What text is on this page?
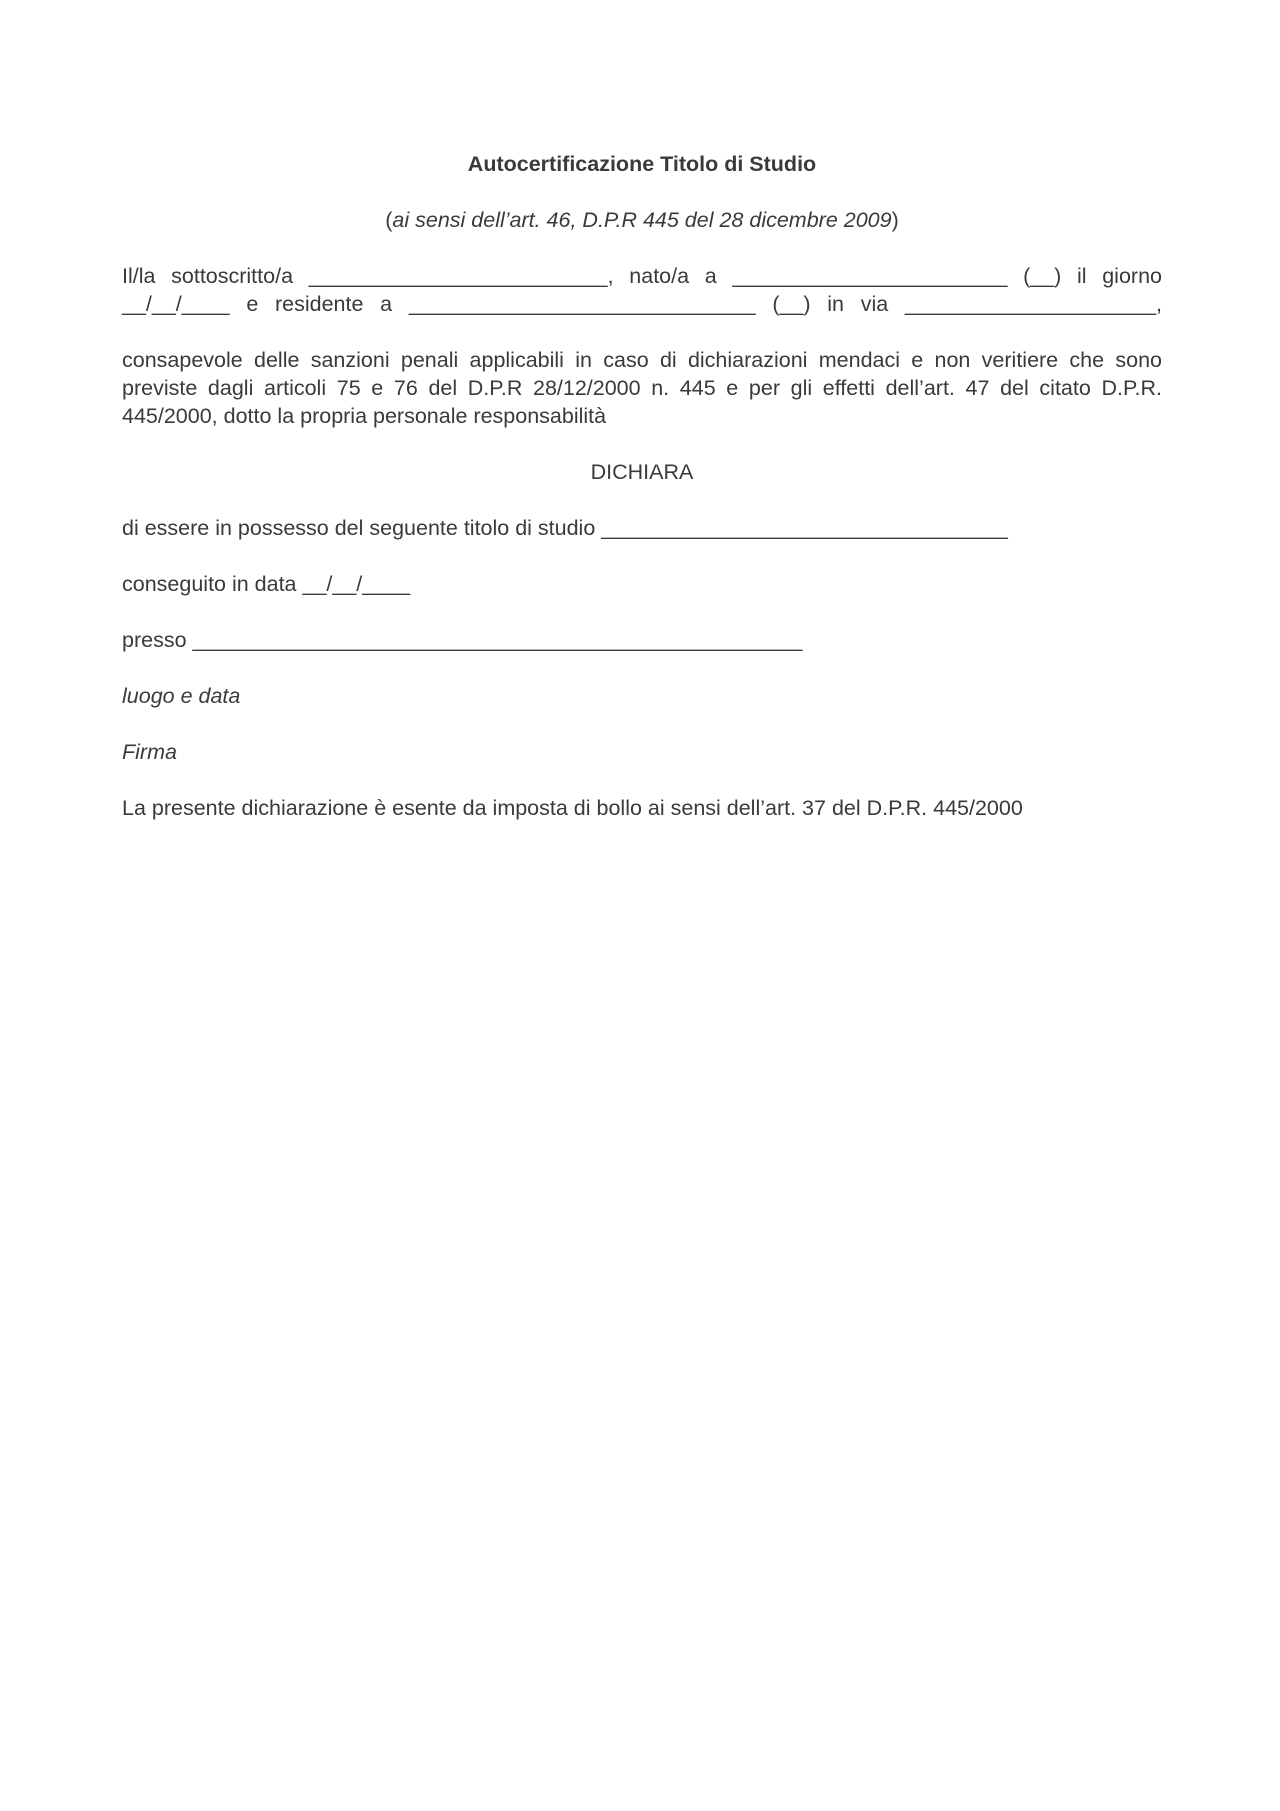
Autocertificazione Titolo di Studio

(ai sensi dell’art. 46, D.P.R 445 del 28 dicembre 2009)

Il/la sottoscritto/a _________________________, nato/a a _______________________ (__) il giorno
__/__/____ e residente a _____________________________ (__) in via _____________________,
consapevole delle sanzioni penali applicabili in caso di dichiarazioni mendaci e non veritiere che sono
previste dagli articoli 75 e 76 del D.P.R 28/12/2000 n. 445 e per gli effetti dell’art. 47 del citato D.P.R.
445/2000, dotto la propria personale responsabilità

DICHIARA

di essere in possesso del seguente titolo di studio __________________________________

conseguito in data __/__/____

presso ___________________________________________________

luogo e data

Firma

La presente dichiarazione è esente da imposta di bollo ai sensi dell’art. 37 del D.P.R. 445/2000
